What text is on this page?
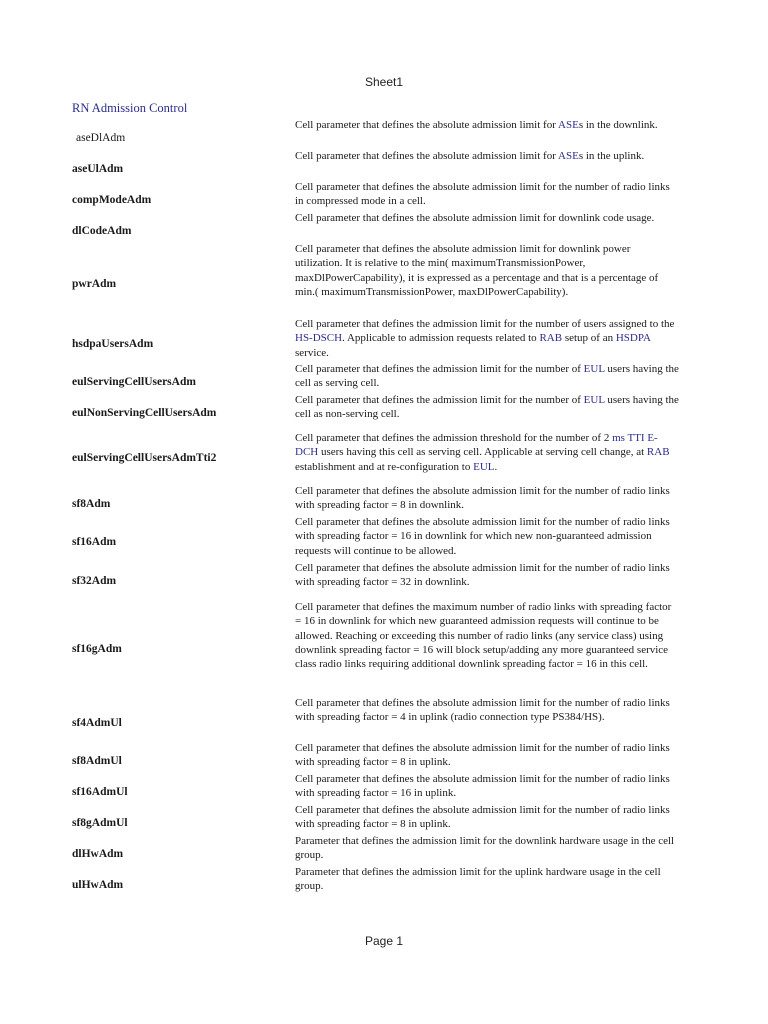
Sheet1
RN Admission Control
aseDlAdm
Cell parameter that defines the absolute admission limit for ASEs in the downlink.
aseUlAdm
Cell parameter that defines the absolute admission limit for ASEs in the uplink.
compModeAdm
Cell parameter that defines the absolute admission limit for the number of radio links in compressed mode in a cell.
dlCodeAdm
Cell parameter that defines the absolute admission limit for downlink code usage.
pwrAdm
Cell parameter that defines the absolute admission limit for downlink power utilization. It is relative to the min( maximumTransmissionPower, maxDlPowerCapability), it is expressed as a percentage and that is a percentage of min.( maximumTransmissionPower, maxDlPowerCapability).
hsdpaUsersAdm
Cell parameter that defines the admission limit for the number of users assigned to the HS-DSCH. Applicable to admission requests related to RAB setup of an HSDPA service.
eulServingCellUsersAdm
Cell parameter that defines the admission limit for the number of EUL users having the cell as serving cell.
eulNonServingCellUsersAdm
Cell parameter that defines the admission limit for the number of EUL users having the cell as non-serving cell.
eulServingCellUsersAdmTti2
Cell parameter that defines the admission threshold for the number of 2 ms TTI E-DCH users having this cell as serving cell. Applicable at serving cell change, at RAB establishment and at re-configuration to EUL.
sf8Adm
Cell parameter that defines the absolute admission limit for the number of radio links with spreading factor = 8 in downlink.
sf16Adm
Cell parameter that defines the absolute admission limit for the number of radio links with spreading factor = 16 in downlink for which new non-guaranteed admission requests will continue to be allowed.
sf32Adm
Cell parameter that defines the absolute admission limit for the number of radio links with spreading factor = 32 in downlink.
sf16gAdm
Cell parameter that defines the maximum number of radio links with spreading factor = 16 in downlink for which new guaranteed admission requests will continue to be allowed. Reaching or exceeding this number of radio links (any service class) using downlink spreading factor = 16 will block setup/adding any more guaranteed service class radio links requiring additional downlink spreading factor = 16 in this cell.
sf4AdmUl
Cell parameter that defines the absolute admission limit for the number of radio links with spreading factor = 4 in uplink (radio connection type PS384/HS).
sf8AdmUl
Cell parameter that defines the absolute admission limit for the number of radio links with spreading factor = 8 in uplink.
sf16AdmUl
Cell parameter that defines the absolute admission limit for the number of radio links with spreading factor = 16 in uplink.
sf8gAdmUl
Cell parameter that defines the absolute admission limit for the number of radio links with spreading factor = 8 in uplink.
dlHwAdm
Parameter that defines the admission limit for the downlink hardware usage in the cell group.
ulHwAdm
Parameter that defines the admission limit for the uplink hardware usage in the cell group.
Page 1
